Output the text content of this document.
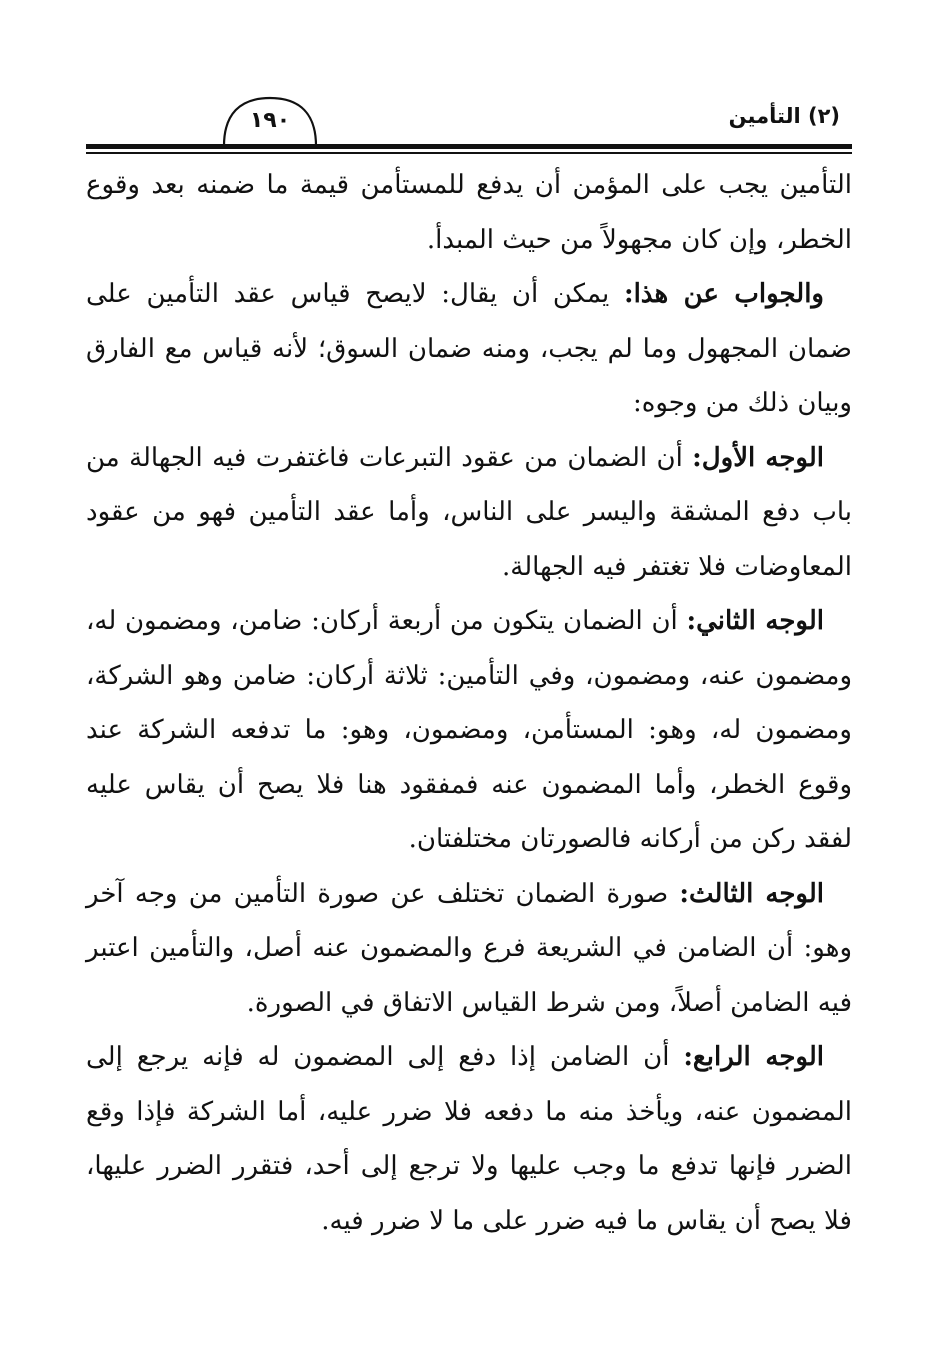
(٢) التأمين
١٩٠

التأمين يجب على المؤمن أن يدفع للمستأمن قيمة ما ضمنه بعد وقوع الخطر، وإن كان مجهولاً من حيث المبدأ.

والجواب عن هذا: يمكن أن يقال: لايصح قياس عقد التأمين على ضمان المجهول وما لم يجب، ومنه ضمان السوق؛ لأنه قياس مع الفارق وبيان ذلك من وجوه:

الوجه الأول: أن الضمان من عقود التبرعات فاغتفرت فيه الجهالة من باب دفع المشقة واليسر على الناس، وأما عقد التأمين فهو من عقود المعاوضات فلا تغتفر فيه الجهالة.

الوجه الثاني: أن الضمان يتكون من أربعة أركان: ضامن، ومضمون له، ومضمون عنه، ومضمون، وفي التأمين: ثلاثة أركان: ضامن وهو الشركة، ومضمون له، وهو: المستأمن، ومضمون، وهو: ما تدفعه الشركة عند وقوع الخطر، وأما المضمون عنه فمفقود هنا فلا يصح أن يقاس عليه لفقد ركن من أركانه فالصورتان مختلفتان.

الوجه الثالث: صورة الضمان تختلف عن صورة التأمين من وجه آخر وهو: أن الضامن في الشريعة فرع والمضمون عنه أصل، والتأمين اعتبر فيه الضامن أصلاً، ومن شرط القياس الاتفاق في الصورة.

الوجه الرابع: أن الضامن إذا دفع إلى المضمون له فإنه يرجع إلى المضمون عنه، ويأخذ منه ما دفعه فلا ضرر عليه، أما الشركة فإذا وقع الضرر فإنها تدفع ما وجب عليها ولا ترجع إلى أحد، فتقرر الضرر عليها، فلا يصح أن يقاس ما فيه ضرر على ما لا ضرر فيه.
